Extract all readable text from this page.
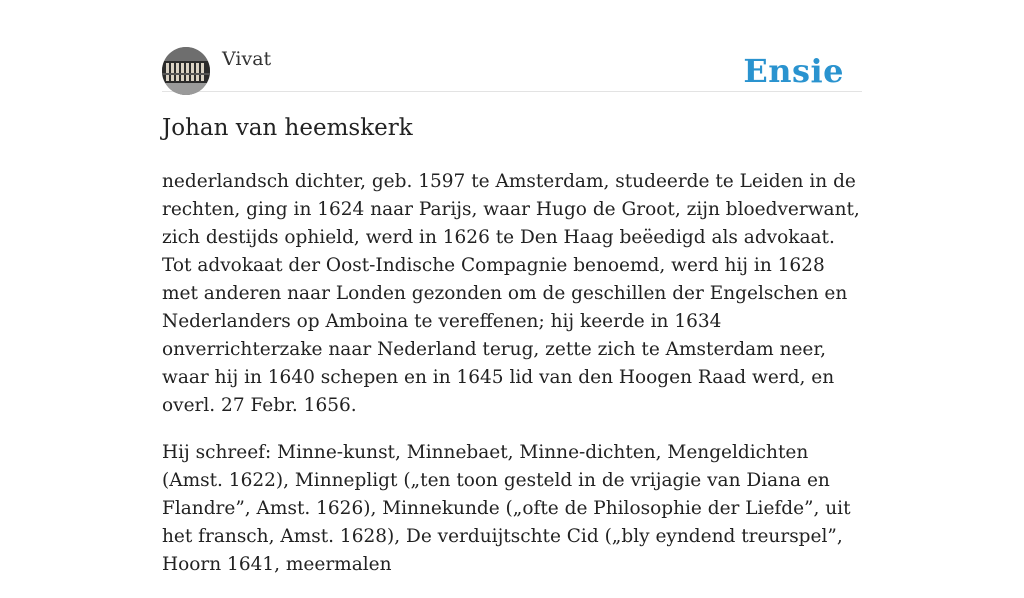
Vivat	Ensie
Johan van heemskerk

nederlandsch dichter, geb. 1597 te Amsterdam, studeerde te Leiden in de rechten, ging in 1624 naar Parijs, waar Hugo de Groot, zijn bloedverwant, zich destijds ophield, werd in 1626 te Den Haag beëedigd als advokaat. Tot advokaat der Oost-Indische Compagnie benoemd, werd hij in 1628 met anderen naar Londen gezonden om de geschillen der Engelschen en Nederlanders op Amboina te vereffenen; hij keerde in 1634 onverrichterzake naar Nederland terug, zette zich te Amsterdam neer, waar hij in 1640 schepen en in 1645 lid van den Hoogen Raad werd, en overl. 27 Febr. 1656.

Hij schreef: Minne-kunst, Minnebaet, Minne-dichten, Mengeldichten (Amst. 1622), Minnepligt („ten toon gesteld in de vrijagie van Diana en Flandre”, Amst. 1626), Minnekunde („ofte de Philosophie der Liefde”, uit het fransch, Amst. 1628), De verduijtschte Cid („bly eyndend treurspel”, Hoorn 1641, meermalen
